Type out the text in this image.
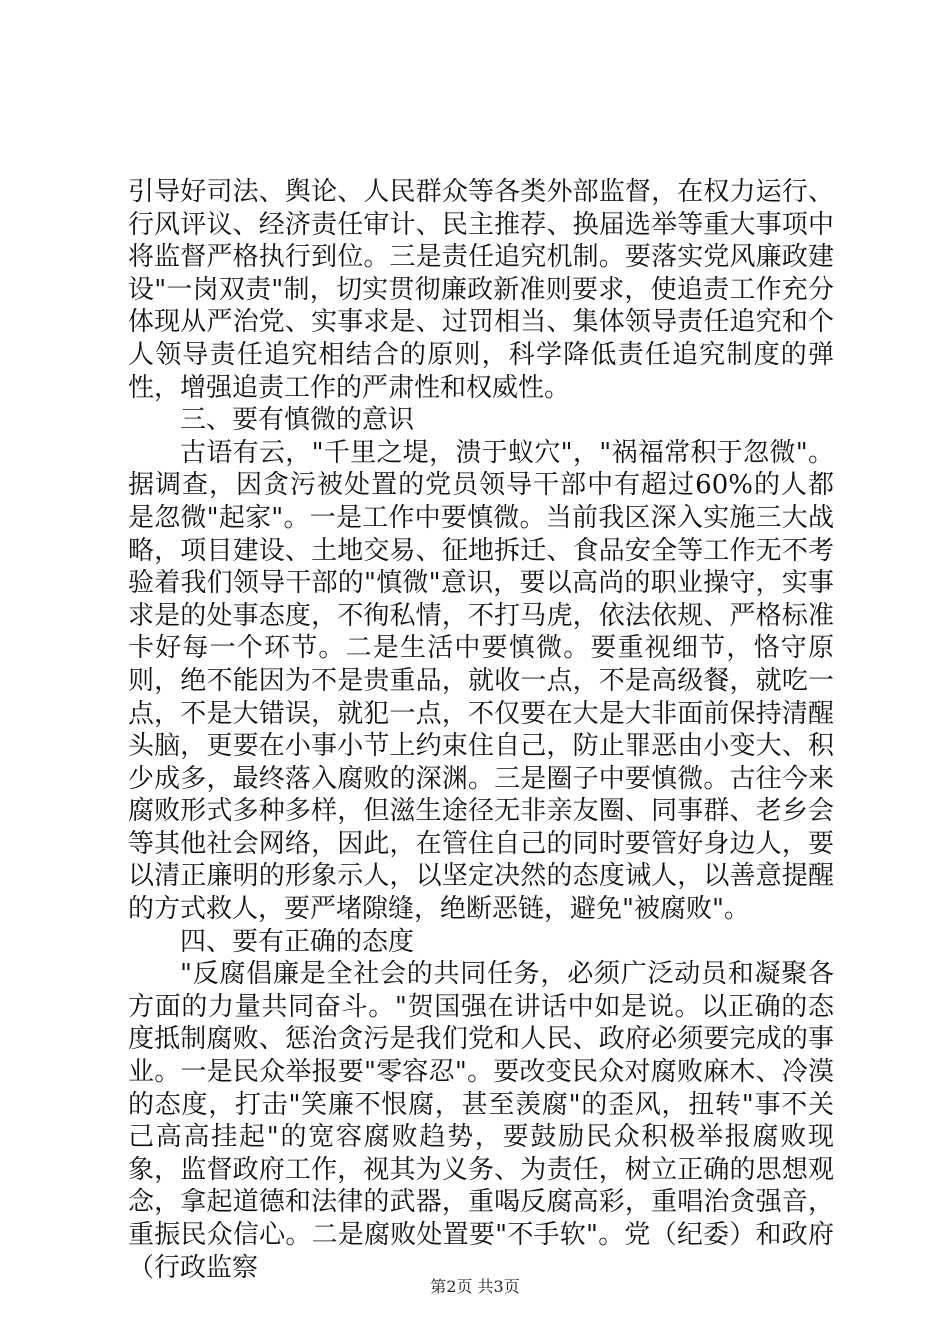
引导好司法、舆论、人民群众等各类外部监督，在权力运行、行风评议、经济责任审计、民主推荐、换届选举等重大事项中将监督严格执行到位。三是责任追究机制。要落实党风廉政建设"一岗双责"制，切实贯彻廉政新准则要求，使追责工作充分体现从严治党、实事求是、过罚相当、集体领导责任追究和个人领导责任追究相结合的原则，科学降低责任追究制度的弹性，增强追责工作的严肃性和权威性。

三、要有慎微的意识

古语有云，"千里之堤，溃于蚁穴"，"祸福常积于忽微"。据调查，因贪污被处置的党员领导干部中有超过60%的人都是忽微"起家"。一是工作中要慎微。当前我区深入实施三大战略，项目建设、土地交易、征地拆迁、食品安全等工作无不考验着我们领导干部的"慎微"意识，要以高尚的职业操守，实事求是的处事态度，不徇私情，不打马虎，依法依规、严格标准卡好每一个环节。二是生活中要慎微。要重视细节，恪守原则，绝不能因为不是贵重品，就收一点，不是高级餐，就吃一点，不是大错误，就犯一点，不仅要在大是大非面前保持清醒头脑，更要在小事小节上约束住自己，防止罪恶由小变大、积少成多，最终落入腐败的深渊。三是圈子中要慎微。古往今来腐败形式多种多样，但滋生途径无非亲友圈、同事群、老乡会等其他社会网络，因此，在管住自己的同时要管好身边人，要以清正廉明的形象示人，以坚定决然的态度诫人，以善意提醒的方式救人，要严堵隙缝，绝断恶链，避免"被腐败"。

四、要有正确的态度

"反腐倡廉是全社会的共同任务，必须广泛动员和凝聚各方面的力量共同奋斗。"贺国强在讲话中如是说。以正确的态度抵制腐败、惩治贪污是我们党和人民、政府必须要完成的事业。一是民众举报要"零容忍"。要改变民众对腐败麻木、冷漠的态度，打击"笑廉不恨腐，甚至羡腐"的歪风，扭转"事不关己高高挂起"的宽容腐败趋势，要鼓励民众积极举报腐败现象，监督政府工作，视其为义务、为责任，树立正确的思想观念，拿起道德和法律的武器，重喝反腐高彩，重唱治贪强音，重振民众信心。二是腐败处置要"不手软"。党（纪委）和政府（行政监察

第2页 共3页
